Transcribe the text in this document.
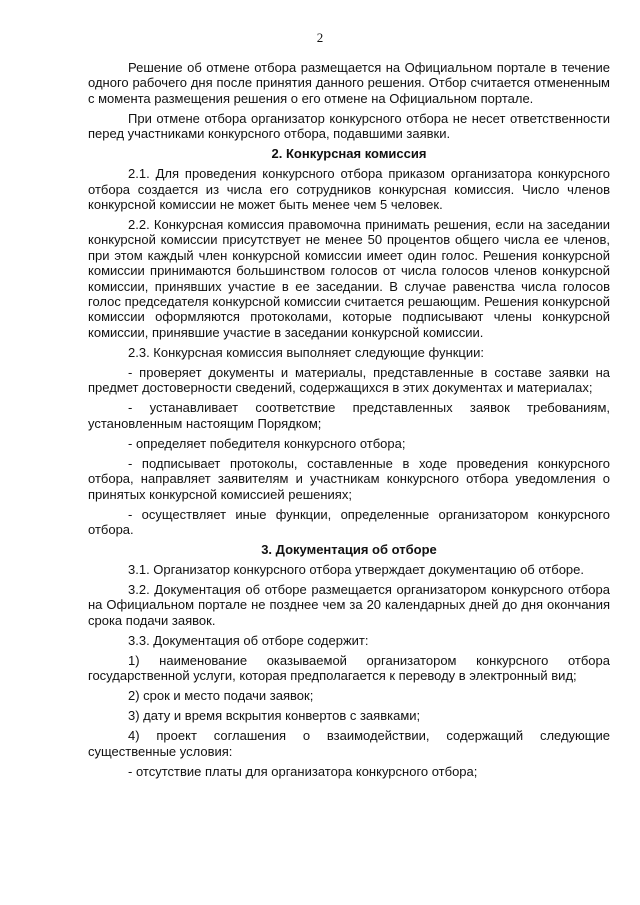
2

Решение об отмене отбора размещается на Официальном портале в течение одного рабочего дня после принятия данного решения. Отбор считается отмененным с момента размещения решения о его отмене на Официальном портале.

При отмене отбора организатор конкурсного отбора не несет ответственности перед участниками конкурсного отбора, подавшими заявки.

2. Конкурсная комиссия

2.1. Для проведения конкурсного отбора приказом организатора конкурсного отбора создается из числа его сотрудников конкурсная комиссия. Число членов конкурсной комиссии не может быть менее чем 5 человек.

2.2. Конкурсная комиссия правомочна принимать решения, если на заседании конкурсной комиссии присутствует не менее 50 процентов общего числа ее членов, при этом каждый член конкурсной комиссии имеет один голос. Решения конкурсной комиссии принимаются большинством голосов от числа голосов членов конкурсной комиссии, принявших участие в ее заседании. В случае равенства числа голосов голос председателя конкурсной комиссии считается решающим. Решения конкурсной комиссии оформляются протоколами, которые подписывают члены конкурсной комиссии, принявшие участие в заседании конкурсной комиссии.

2.3. Конкурсная комиссия выполняет следующие функции:

- проверяет документы и материалы, представленные в составе заявки на предмет достоверности сведений, содержащихся в этих документах и материалах;

- устанавливает соответствие представленных заявок требованиям, установленным настоящим Порядком;

- определяет победителя конкурсного отбора;

- подписывает протоколы, составленные в ходе проведения конкурсного отбора, направляет заявителям и участникам конкурсного отбора уведомления о принятых конкурсной комиссией решениях;

- осуществляет иные функции, определенные организатором конкурсного отбора.

3. Документация об отборе

3.1. Организатор конкурсного отбора утверждает документацию об отборе.

3.2. Документация об отборе размещается организатором конкурсного отбора на Официальном портале не позднее чем за 20 календарных дней до дня окончания срока подачи заявок.

3.3. Документация об отборе содержит:

1) наименование оказываемой организатором конкурсного отбора государственной услуги, которая предполагается к переводу в электронный вид;

2) срок и место подачи заявок;

3) дату и время вскрытия конвертов с заявками;

4) проект соглашения о взаимодействии, содержащий следующие существенные условия:

- отсутствие платы для организатора конкурсного отбора;
